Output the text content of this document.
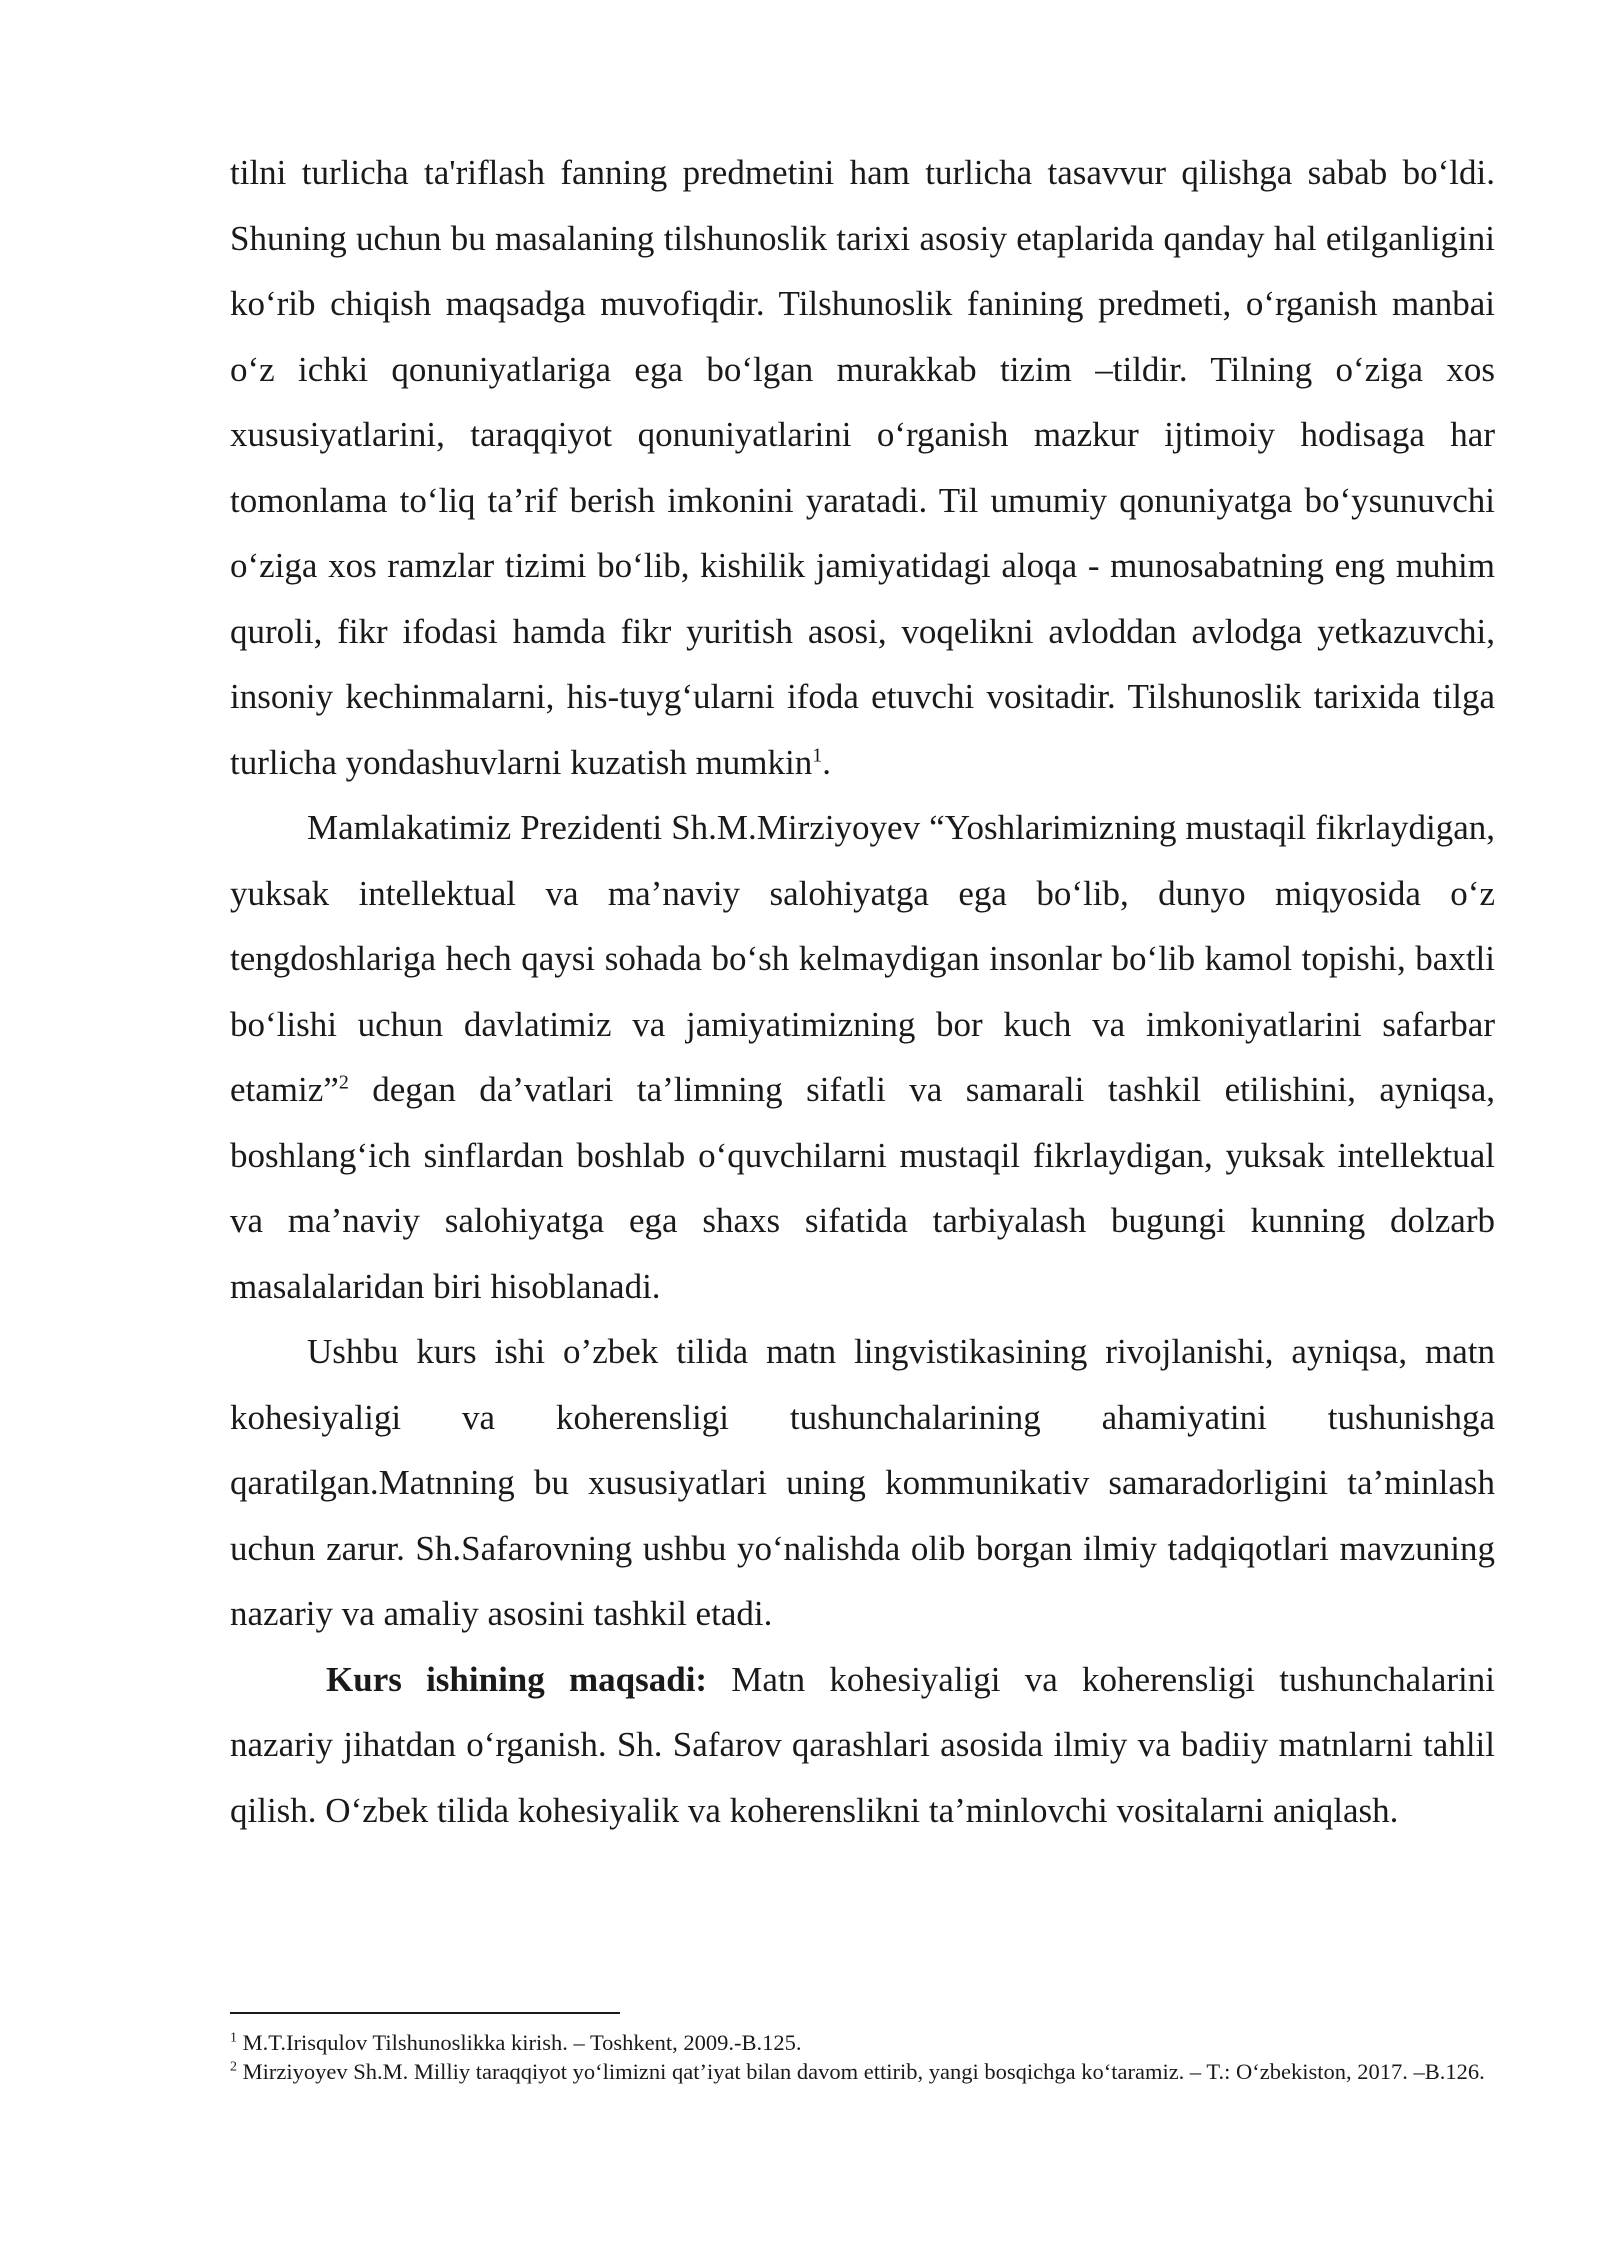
tilni turlicha ta'riflash fanning predmetini ham turlicha tasavvur qilishga sabab bo‘ldi. Shuning uchun bu masalaning tilshunoslik tarixi asosiy etaplarida qanday hal etilganligini ko‘rib chiqish maqsadga muvofiqdir. Tilshunoslik fanining predmeti, o‘rganish manbai o‘z ichki qonuniyatlariga ega bo‘lgan murakkab tizim –tildir. Tilning o‘ziga xos xususiyatlarini, taraqqiyot qonuniyatlarini o‘rganish mazkur ijtimoiy hodisaga har tomonlama to‘liq ta’rif berish imkonini yaratadi. Til umumiy qonuniyatga bo‘ysunuvchi o‘ziga xos ramzlar tizimi bo‘lib, kishilik jamiyatidagi aloqa - munosabatning eng muhim quroli, fikr ifodasi hamda fikr yuritish asosi, voqelikni avloddan avlodga yetkazuvchi, insoniy kechinmalarni, his-tuyg‘ularni ifoda etuvchi vositadir. Tilshunoslik tarixida tilga turlicha yondashuvlarni kuzatish mumkin$^1$.

Mamlakatimiz Prezidenti Sh.M.Mirziyoyev “Yoshlarimizning mustaqil fikrlaydigan, yuksak intellektual va ma’naviy salohiyatga ega bo‘lib, dunyo miqyosida o‘z tengdoshlariga hech qaysi sohada bo‘sh kelmaydigan insonlar bo‘lib kamol topishi, baxtli bo‘lishi uchun davlatimiz va jamiyatimizning bor kuch va imkoniyatlarini safarbar etamiz”$^2$ degan da’vatlari ta’limning sifatli va samarali tashkil etilishini, ayniqsa, boshlang‘ich sinflardan boshlab o‘quvchilarni mustaqil fikrlaydigan, yuksak intellektual va ma’naviy salohiyatga ega shaxs sifatida tarbiyalash bugungi kunning dolzarb masalalaridan biri hisoblanadi.

Ushbu kurs ishi o’zbek tilida matn lingvistikasining rivojlanishi, ayniqsa, matn kohesiyaligi va koherensligi tushunchalarining ahamiyatini tushunishga qaratilgan.Matnning bu xususiyatlari uning kommunikativ samaradorligini ta’minlash uchun zarur. Sh.Safarovning ushbu yo‘nalishda olib borgan ilmiy tadqiqotlari mavzuning nazariy va amaliy asosini tashkil etadi.

Kurs ishining maqsadi: Matn kohesiyaligi va koherensligi tushunchalarini nazariy jihatdan o‘rganish. Sh. Safarov qarashlari asosida ilmiy va badiiy matnlarni tahlil qilish. O‘zbek tilida kohesiyalik va koherenslikni ta’minlovchi vositalarni aniqlash.

$^1$ M.T.Irisqulov Tilshunoslikka kirish. – Toshkent, 2009.-B.125.

$^2$ Mirziyoyev Sh.M. Milliy taraqqiyot yo‘limizni qat’iyat bilan davom ettirib, yangi bosqichga ko‘taramiz. – T.: O‘zbekiston, 2017. –B.126.
